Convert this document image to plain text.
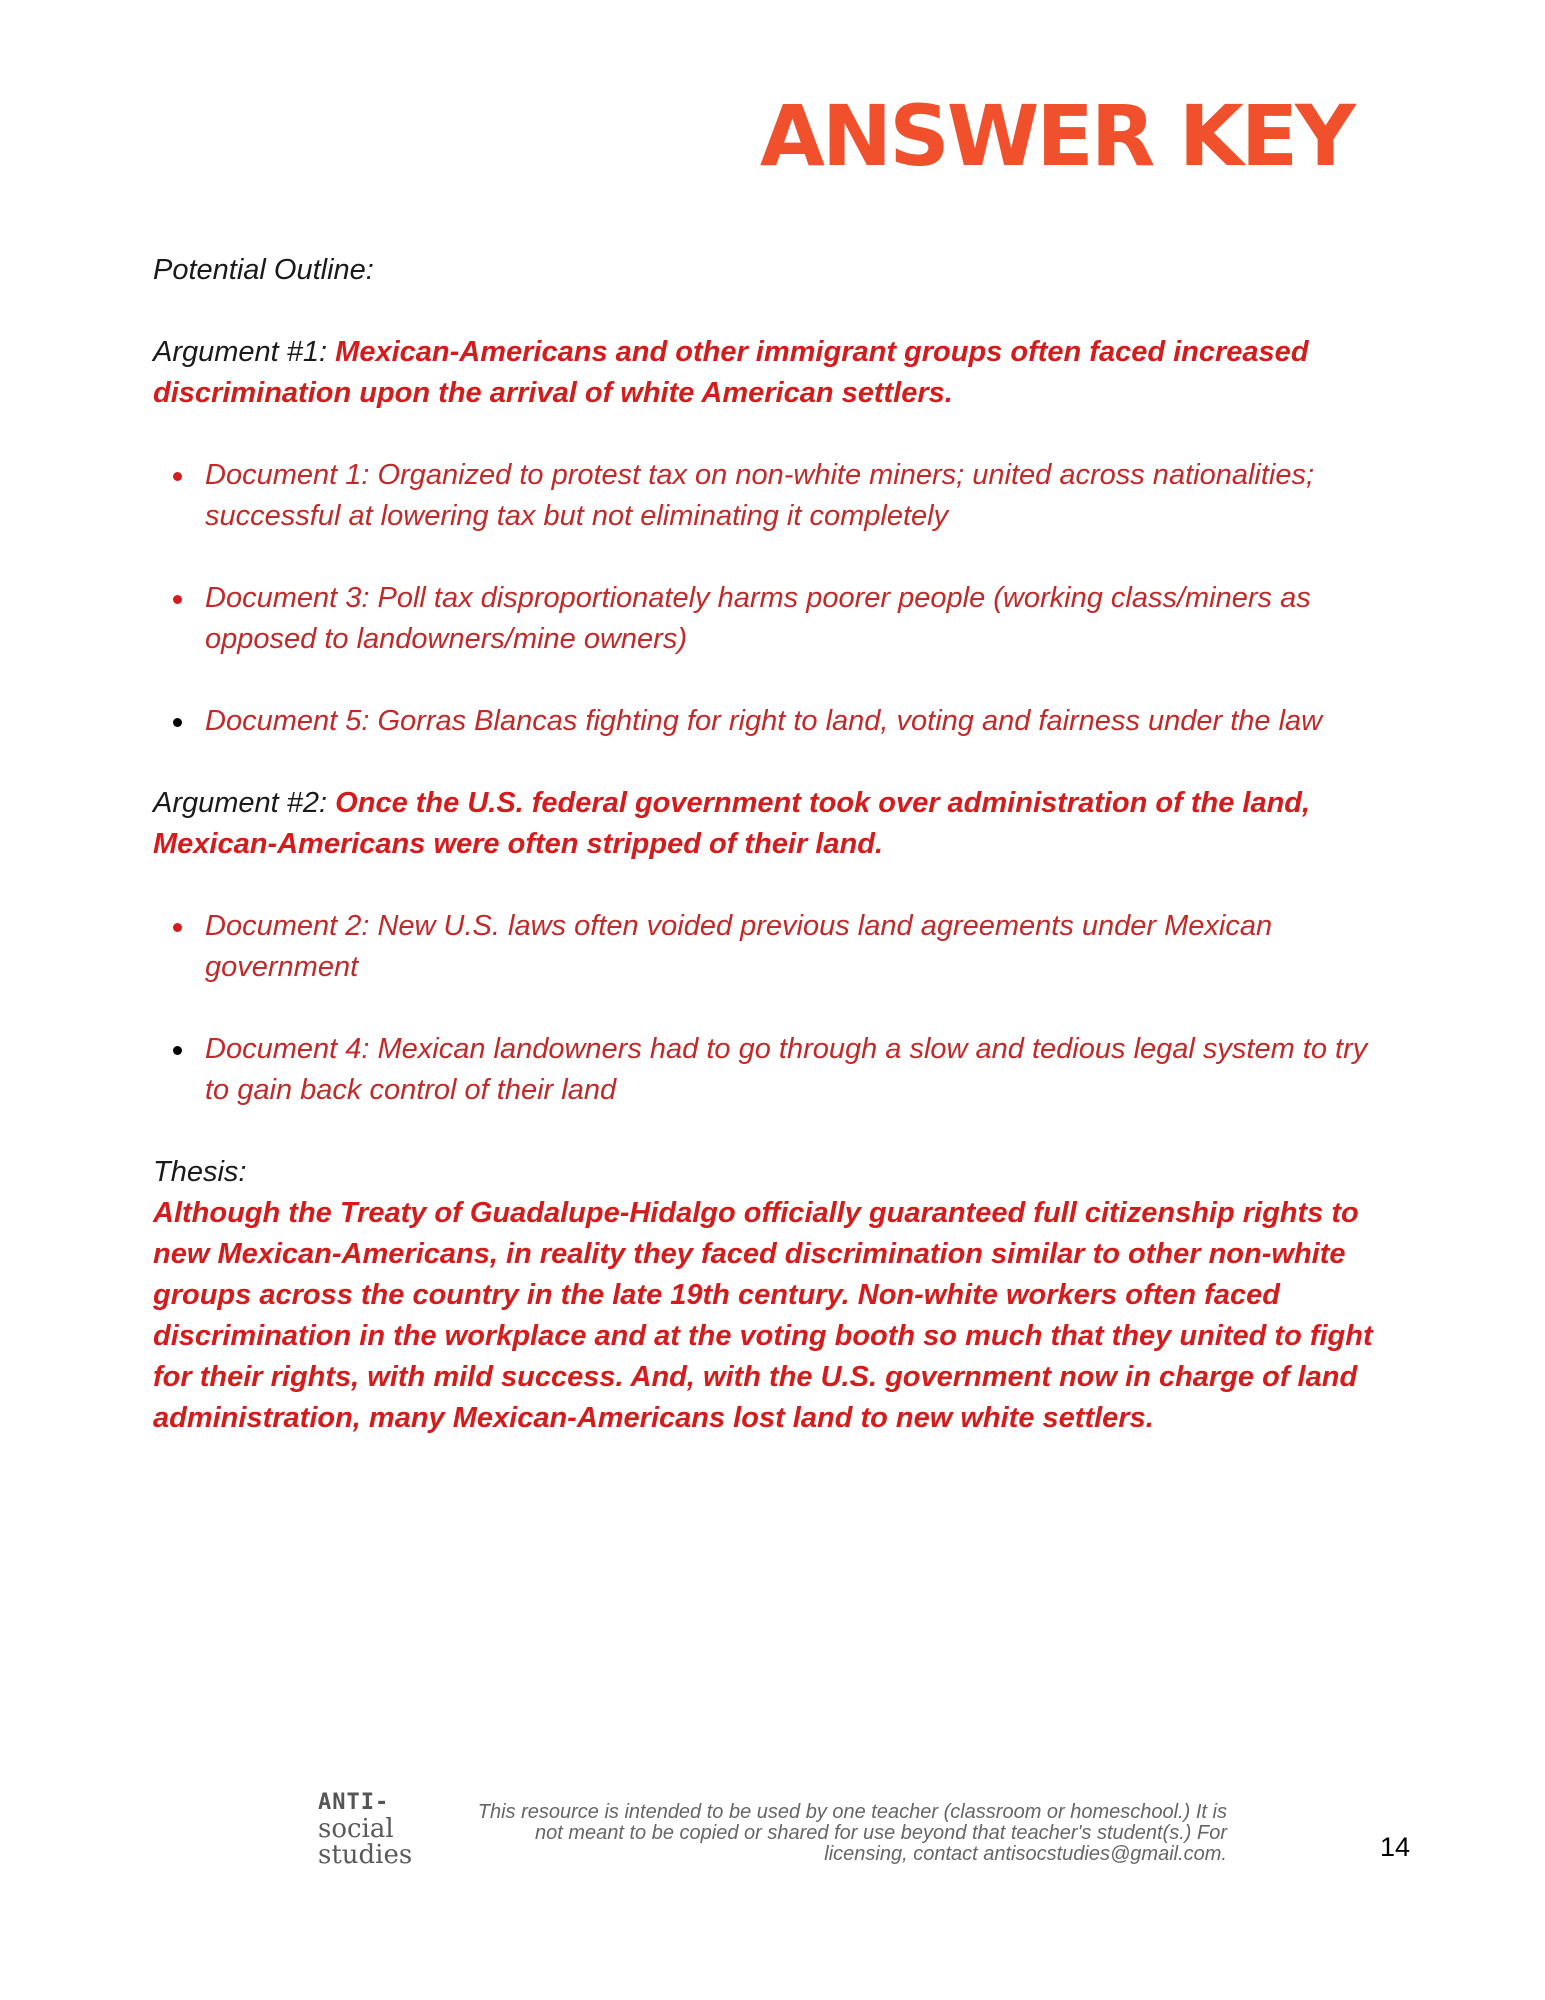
ANSWER KEY
Potential Outline:
Argument #1: Mexican-Americans and other immigrant groups often faced increased discrimination upon the arrival of white American settlers.
Document 1: Organized to protest tax on non-white miners; united across nationalities; successful at lowering tax but not eliminating it completely
Document 3: Poll tax disproportionately harms poorer people (working class/miners as opposed to landowners/mine owners)
Document 5: Gorras Blancas fighting for right to land, voting and fairness under the law
Argument #2: Once the U.S. federal government took over administration of the land, Mexican-Americans were often stripped of their land.
Document 2: New U.S. laws often voided previous land agreements under Mexican government
Document 4: Mexican landowners had to go through a slow and tedious legal system to try to gain back control of their land
Thesis:
Although the Treaty of Guadalupe-Hidalgo officially guaranteed full citizenship rights to new Mexican-Americans, in reality they faced discrimination similar to other non-white groups across the country in the late 19th century. Non-white workers often faced discrimination in the workplace and at the voting booth so much that they united to fight for their rights, with mild success. And, with the U.S. government now in charge of land administration, many Mexican-Americans lost land to new white settlers.
ANTI-
social
studies
This resource is intended to be used by one teacher (classroom or homeschool.) It is not meant to be copied or shared for use beyond that teacher's student(s.) For licensing, contact antisocstudies@gmail.com.	14
